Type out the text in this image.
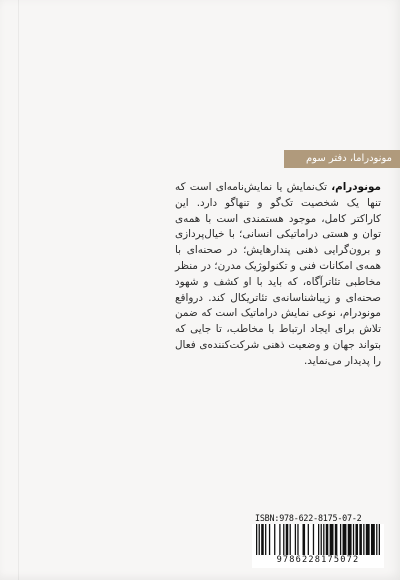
مونودراما، دفتر سوم
مونودرام، تک‌نمایش یا نمایش‌نامه‌ای است که تنها یک شخصیت تک‌گو و تنهاگو دارد. این کاراکتر کامل، موجود هستمندی است با همه‌ی توان و هستی دراماتیکی انسانی؛ با خیال‌پردازی و برون‌گرایی ذهنی پندارهایش؛ در صحنه‌ای با همه‌ی امکانات فنی و تکنولوژیک مدرن؛ در منظر مخاطبی تئاترآگاه، که باید با او کشف و شهود صحنه‌ای و زیباشناسانه‌ی تئاتریکال کند. درواقع مونودرام، نوعی نمایش دراماتیک است که ضمن تلاش برای ایجاد ارتباط با مخاطب، تا جایی که بتواند جهان و وضعیت ذهنی شرکت‌کننده‌ی فعال را پدیدار می‌نماید.
ISBN:978-622-8175-07-2
9786228175072
